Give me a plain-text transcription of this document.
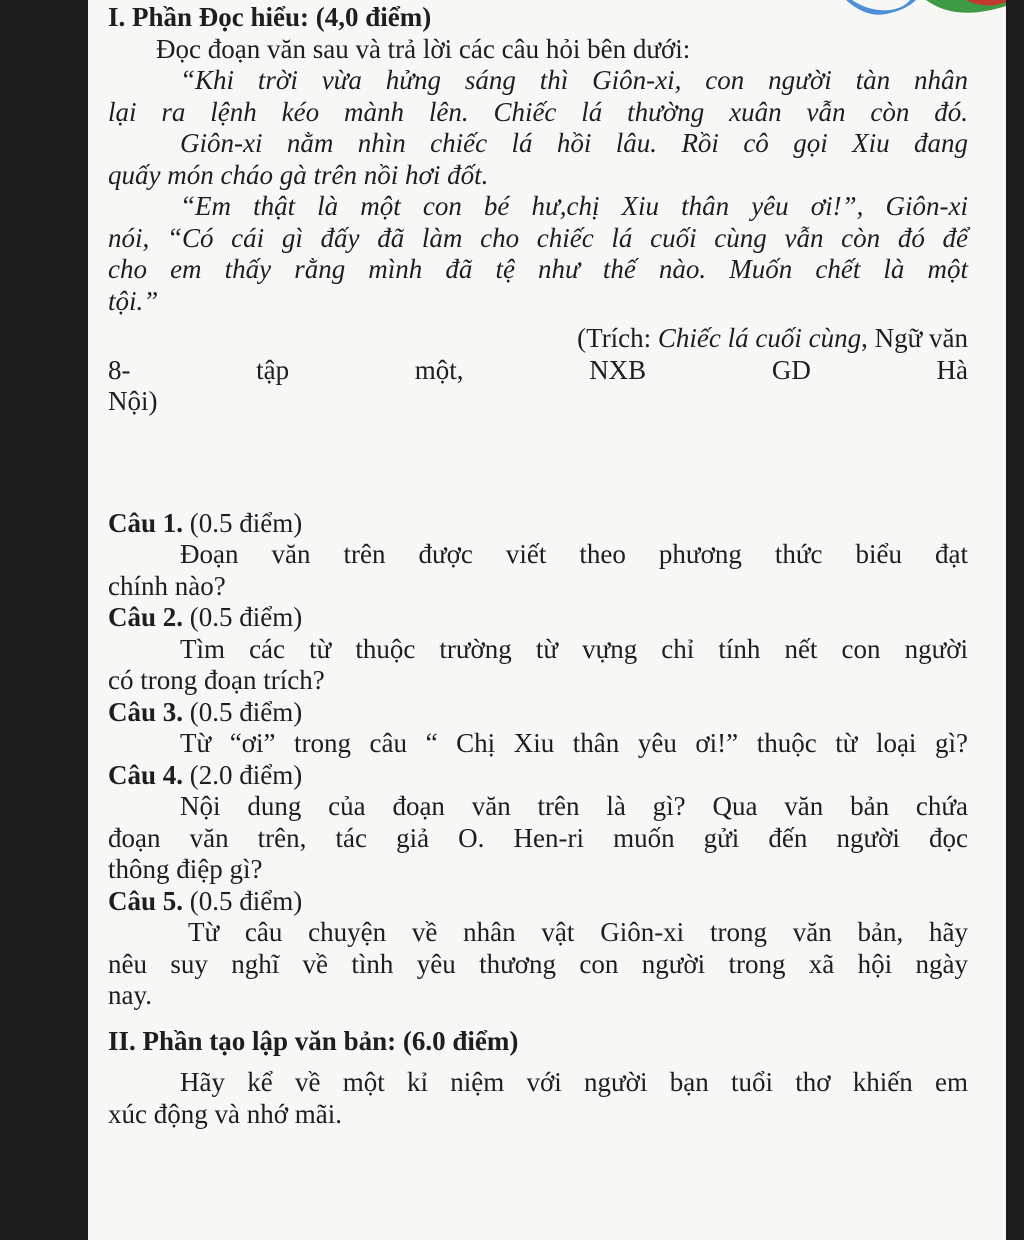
I. Phần Đọc hiểu: (4,0 điểm)
Đọc đoạn văn sau và trả lời các câu hỏi bên dưới:
“Khi trời vừa hửng sáng thì Giôn-xi, con người tàn nhân
lại ra lệnh kéo mành lên. Chiếc lá thường xuân vẫn còn đó.
Giôn-xi nằm nhìn chiếc lá hồi lâu. Rồi cô gọi Xiu đang
quấy món cháo gà trên nồi hơi đốt.
“Em thật là một con bé hư,chị Xiu thân yêu ơi!”, Giôn-xi
nói, “Có cái gì đấy đã làm cho chiếc lá cuối cùng vẫn còn đó để
cho em thấy rằng mình đã tệ như thế nào. Muốn chết là một
tội.”
(Trích: Chiếc lá cuối cùng, Ngữ văn
8-	tập	một,	NXB	GD	Hà
Nội)
Câu 1. (0.5 điểm)
Đoạn văn trên được viết theo phương thức biểu đạt
chính nào?
Câu 2. (0.5 điểm)
Tìm các từ thuộc trường từ vựng chỉ tính nết con người
có trong đoạn trích?
Câu 3. (0.5 điểm)
Từ “ơi” trong câu “ Chị Xiu thân yêu ơi!” thuộc từ loại gì?
Câu 4. (2.0 điểm)
Nội dung của đoạn văn trên là gì? Qua văn bản chứa
đoạn văn trên, tác giả O. Hen-ri muốn gửi đến người đọc
thông điệp gì?
Câu 5. (0.5 điểm)
Từ câu chuyện về nhân vật Giôn-xi trong văn bản, hãy
nêu suy nghĩ về tình yêu thương con người trong xã hội ngày
nay.
II. Phần tạo lập văn bản: (6.0 điểm)
Hãy kể về một kỉ niệm với người bạn tuổi thơ khiến em
xúc động và nhớ mãi.
